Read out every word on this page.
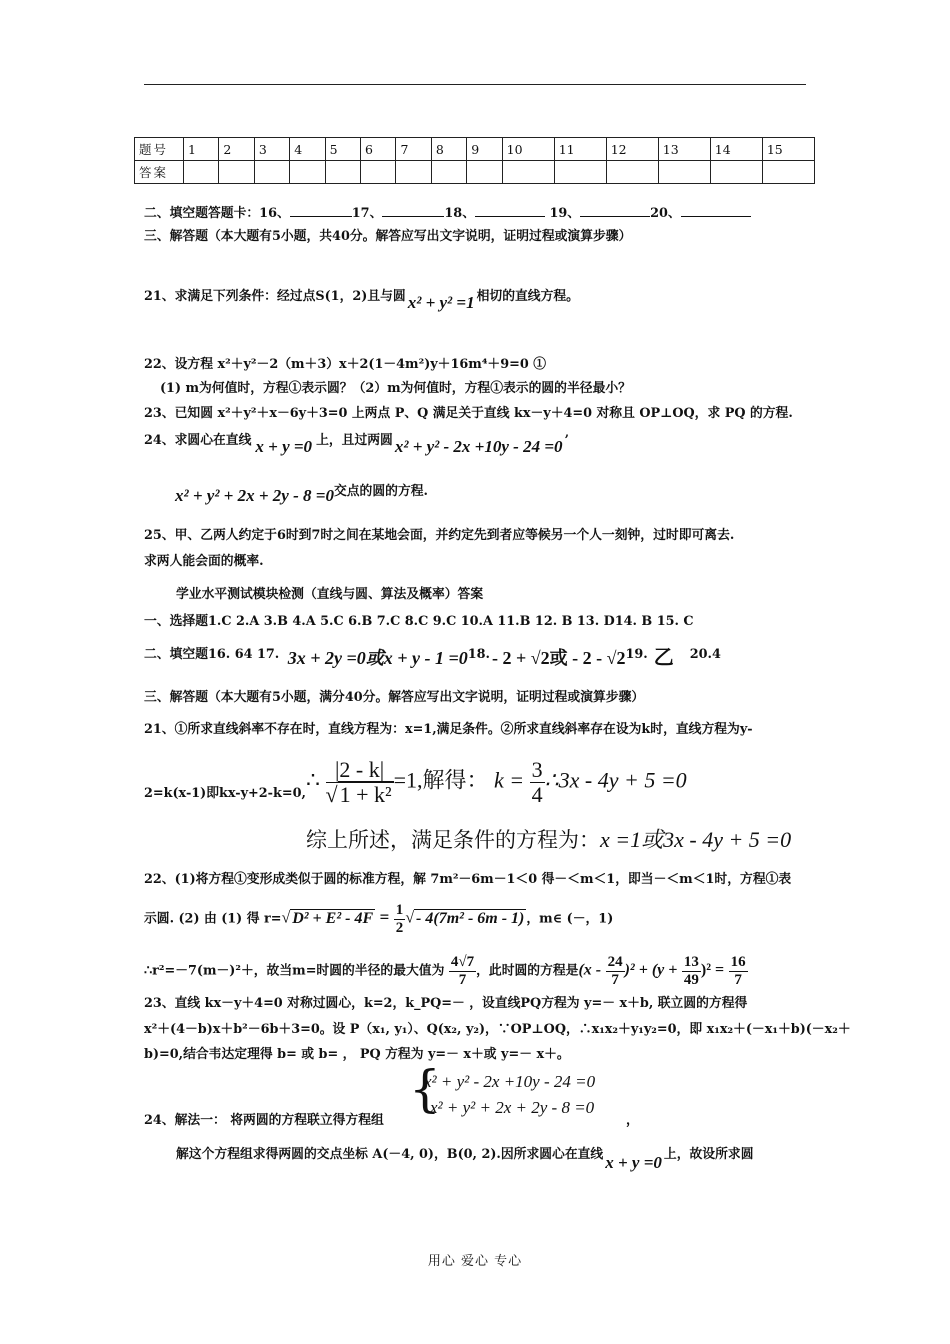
题号	1	2	3	4	5	6	7	8	9	10	11	12	13	14	15
答案															
二、填空题答题卡：16、	17、	18、	19、	20、
三、解答题（本大题有5小题，共40分。解答应写出文字说明，证明过程或演算步骤）
21、求满足下列条件：经过点S(1，2)且与圆 x² + y² =1 相切的直线方程。
22、设方程 x²＋y²－2（m＋3）x＋2(1－4m²)y＋16m⁴＋9=0 ①
(1) m为何值时，方程①表示圆？（2）m为何值时，方程①表示的圆的半径最小？
23、已知圆 x²＋y²＋x－6y＋3=0 上两点 P、Q 满足关于直线 kx－y＋4=0 对称且 OP⊥OQ，求 PQ 的方程.
24、求圆心在直线 x + y =0 上，且过两圆 x² + y² - 2x +10y - 24 =0 ’
x² + y² + 2x + 2y - 8 =0交点的圆的方程.
25、甲、乙两人约定于6时到7时之间在某地会面，并约定先到者应等候另一个人一刻钟，过时即可离去.
求两人能会面的概率.
学业水平测试模块检测（直线与圆、算法及概率）答案
一、选择题1.C 2.A 3.B 4.A 5.C 6.B 7.C 8.C 9.C 10.A 11.B 12. B 13. D14. B 15. C
二、填空题16. 64 17. 3x + 2y =0或x + y - 1 =018. - 2 + √2或 - 2 - √219. 乙 20.4
三、解答题（本大题有5小题，满分40分。解答应写出文字说明，证明过程或演算步骤）
21、①所求直线斜率不存在时，直线方程为：x=1,满足条件。②所求直线斜率存在设为k时，直线方程为y-
2=k(x-1)即kx-y+2-k=0,
∴ $\frac{|2 - k|}{\text{√1 + k²}} =1$,解得： $k = \frac{3}{4}$ ∴3x - 4y + 5 =0
综上所述，满足条件的方程为：x =1或3x - 4y + 5 =0
22、(1)将方程①变形成类似于圆的标准方程，解 7m²－6m－1＜0 得－＜m＜1，即当－＜m＜1时，方程①表
示圆. (2) 由 (1) 得 r=√ $D^2 + E^2 - 4F = \frac{1}{2}$ √ - 4(7m² - 6m - 1) ，m∈ (－，1)
∴r²=－7(m－)²＋，故当m=时圆的半径的最大值为 $\frac{4√7}{7}$ ，此时圆的方程是$(x - \frac{24}{7} )^2 + (y + \frac{13}{49} )^2 = \frac{16}{7}$
23、直线 kx－y＋4=0 对称过圆心，k=2，k_PQ=－ ，设直线PQ方程为 y=－ x＋b, 联立圆的方程得
x²＋(4－b)x＋b²－6b＋3=0。设 P（x₁, y₁）、Q(x₂, y₂)，∵OP⊥OQ，∴x₁x₂＋y₁y₂=0，即 x₁x₂＋(－x₁＋b)(－x₂＋
b)=0,结合韦达定理得 b= 或 b= ， PQ 方程为 y=－ x＋或 y=－ x＋。
{
x² + y² - 2x +10y - 24 =0
x² + y² + 2x + 2y - 8 =0
24、解法一： 将两圆的方程联立得方程组	，
解这个方程组求得两圆的交点坐标 A(－4, 0)，B(0, 2).因所求圆心在直线 x + y =0 上，故设所求圆
用心 爱心 专心
